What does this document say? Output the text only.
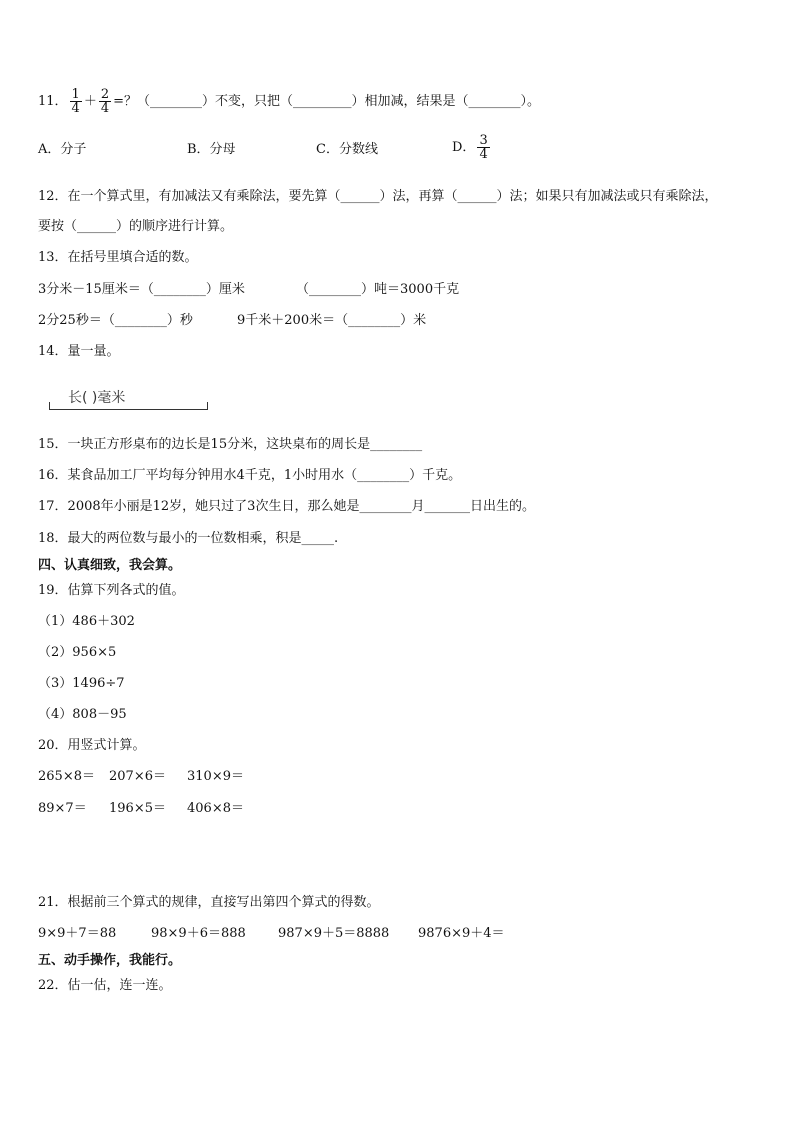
11． $\frac{1}{4} + \frac{2}{4}$ =？（________）不变，只把（_________）相加减，结果是（________）。
A．分子	B．分母	C．分数线	D． $\frac{3}{4}$
12．在一个算式里，有加减法又有乘除法，要先算（______）法，再算（______）法；如果只有加减法或只有乘除法，
要按（______）的顺序进行计算。
13．在括号里填合适的数。
3分米－15厘米＝（________）厘米	（________）吨＝3000千克
2分25秒＝（________）秒	9千米＋200米＝（________）米
14．量一量。
长( )毫米
15．一块正方形桌布的边长是15分米，这块桌布的周长是________
16．某食品加工厂平均每分钟用水4千克，1小时用水（________）千克。
17．2008年小丽是12岁，她只过了3次生日，那么她是________月_______日出生的。
18．最大的两位数与最小的一位数相乘，积是_____.
四、认真细致，我会算。
19．估算下列各式的值。
（1）486＋302
（2）956×5
（3）1496÷7
（4）808－95
20．用竖式计算。
265×8＝ 207×6＝ 310×9＝
89×7＝ 196×5＝ 406×8＝
21．根据前三个算式的规律，直接写出第四个算式的得数。
9×9＋7＝88	98×9＋6＝888 987×9＋5＝8888 9876×9＋4＝
五、动手操作，我能行。
22．估一估，连一连。
